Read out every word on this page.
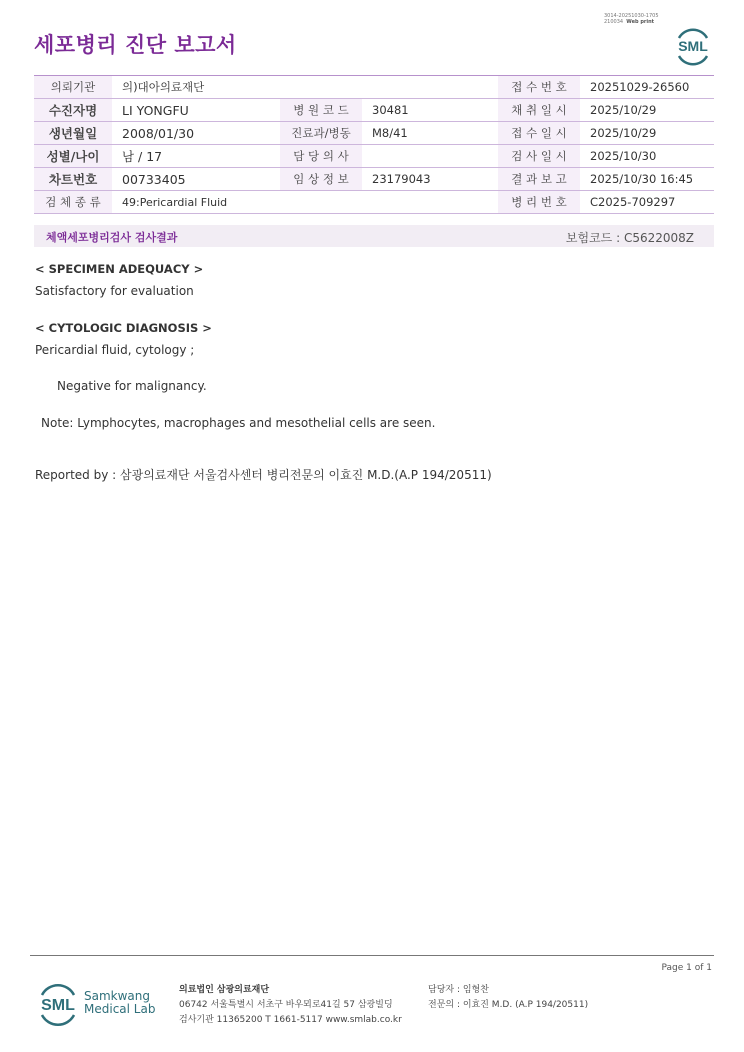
3014-20251030-1705
210034 Web print
세포병리 진단 보고서	SML
의뢰기관	의)대아의료재단			접 수 번 호	20251029-26560
수진자명	LI YONGFU	병 원 코 드	30481	채 취 일 시	2025/10/29
생년월일	2008/01/30	진료과/병동	M8/41	접 수 일 시	2025/10/29
성별/나이	남 / 17	담 당 의 사		검 사 일 시	2025/10/30
차트번호	00733405	임 상 정 보	23179043	결 과 보 고	2025/10/30 16:45
검 체 종 류	49:Pericardial Fluid			병 리 번 호	C2025-709297
체액세포병리검사 검사결과	보험코드 : C5622008Z
< SPECIMEN ADEQUACY >
Satisfactory for evaluation
< CYTOLOGIC DIAGNOSIS >
Pericardial fluid, cytology ;
Negative for malignancy.
Note: Lymphocytes, macrophages and mesothelial cells are seen.
Reported by : 삼광의료재단 서울검사센터 병리전문의 이효진 M.D.(A.P 194/20511)
Page 1 of 1
SML
Samkwang
Medical Lab
의료법인 삼광의료재단
06742 서울특별시 서초구 바우뫼로41길 57 삼광빌딩
검사기관 11365200 T 1661-5117 www.smlab.co.kr
담당자 : 임형찬
전문의 : 이효진 M.D. (A.P 194/20511)
